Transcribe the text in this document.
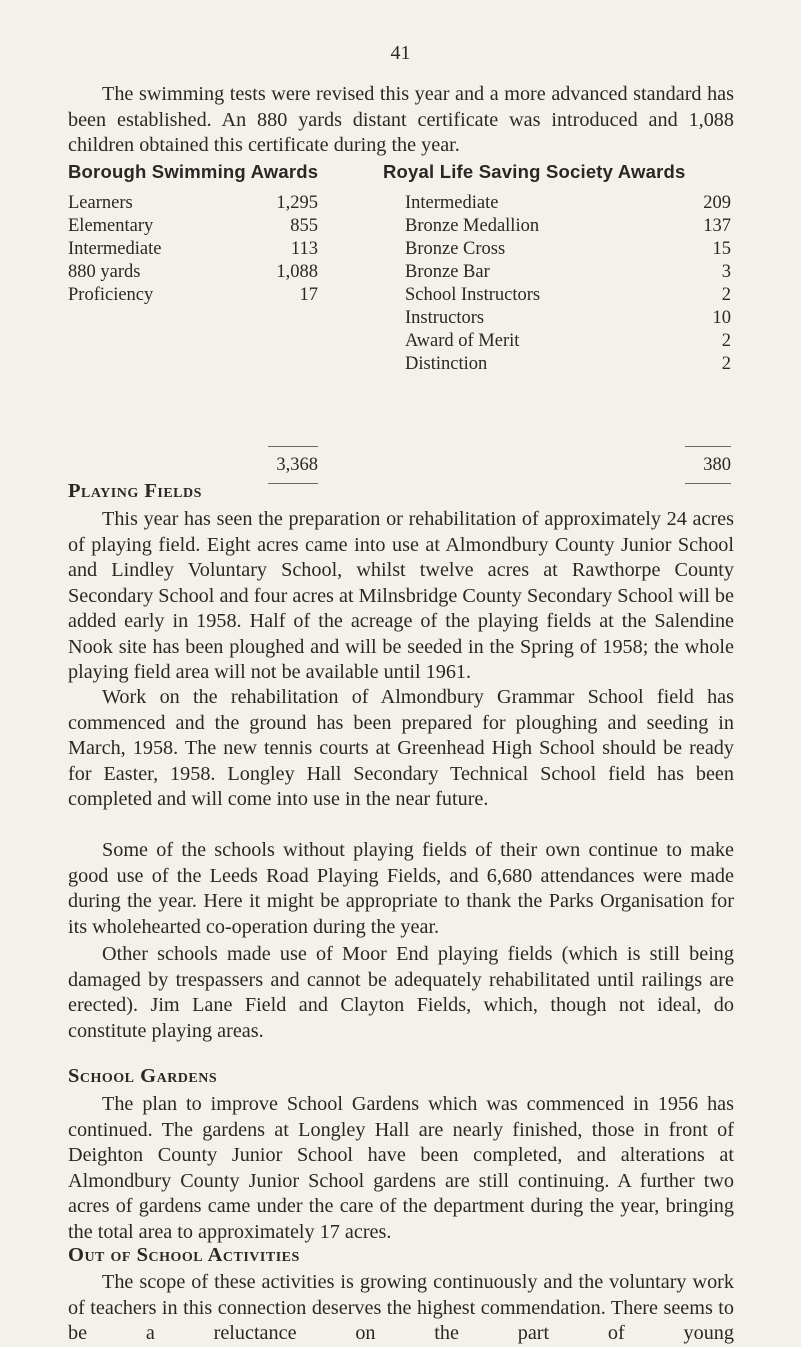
41

The swimming tests were revised this year and a more advanced standard has been established. An 880 yards distant certificate was introduced and 1,088 children obtained this certificate during the year.

Borough Swimming Awards
Learners	1,295
Elementary	855
Intermediate	113
880 yards	1,088
Proficiency	17
3,368
Royal Life Saving Society Awards
Intermediate	209
Bronze Medallion	137
Bronze Cross	15
Bronze Bar	3
School Instructors	2
Instructors	10
Award of Merit	2
Distinction	2
380
Playing Fields

This year has seen the preparation or rehabilitation of approximately 24 acres of playing field. Eight acres came into use at Almondbury County Junior School and Lindley Voluntary School, whilst twelve acres at Rawthorpe County Secondary School and four acres at Milnsbridge County Secondary School will be added early in 1958. Half of the acreage of the playing fields at the Salendine Nook site has been ploughed and will be seeded in the Spring of 1958; the whole playing field area will not be available until 1961.

Work on the rehabilitation of Almondbury Grammar School field has commenced and the ground has been prepared for ploughing and seeding in March, 1958. The new tennis courts at Greenhead High School should be ready for Easter, 1958. Longley Hall Secondary Technical School field has been completed and will come into use in the near future.

Some of the schools without playing fields of their own continue to make good use of the Leeds Road Playing Fields, and 6,680 attendances were made during the year. Here it might be appropriate to thank the Parks Organisation for its wholehearted co-operation during the year.

Other schools made use of Moor End playing fields (which is still being damaged by trespassers and cannot be adequately rehabilitated until railings are erected). Jim Lane Field and Clayton Fields, which, though not ideal, do constitute playing areas.

School Gardens

The plan to improve School Gardens which was commenced in 1956 has continued. The gardens at Longley Hall are nearly finished, those in front of Deighton County Junior School have been completed, and alterations at Almondbury County Junior School gardens are still continuing. A further two acres of gardens came under the care of the department during the year, bringing the total area to approximately 17 acres.

Out of School Activities

The scope of these activities is growing continuously and the voluntary work of teachers in this connection deserves the highest commendation. There seems to be a reluctance on the part of young
